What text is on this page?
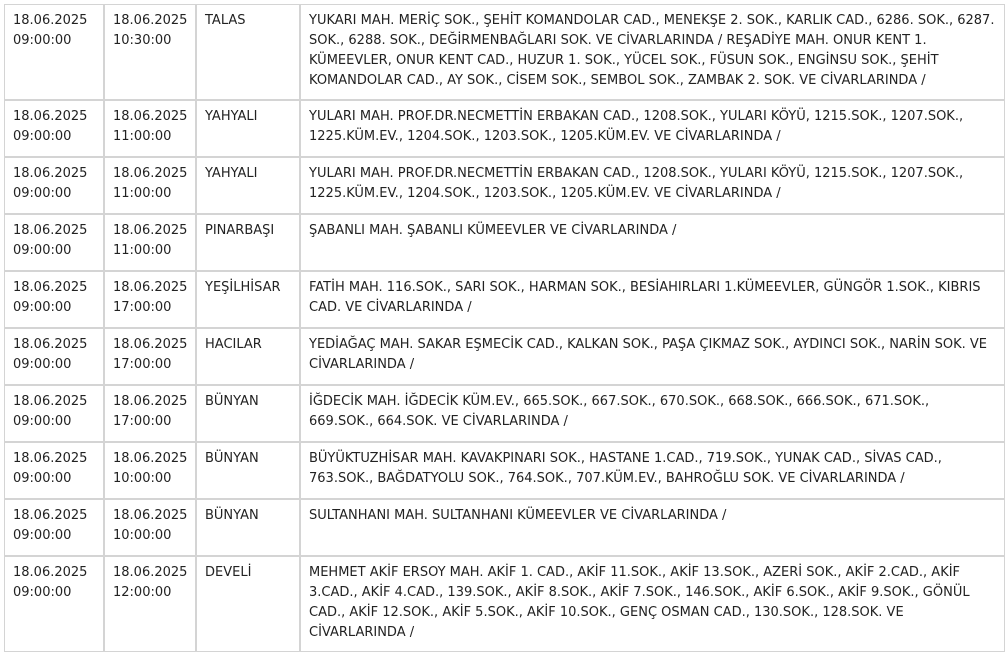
18.06.2025 09:00:00	18.06.2025 10:30:00	TALAS	YUKARI MAH. MERİÇ SOK., ŞEHİT KOMANDOLAR CAD., MENEKŞE 2. SOK., KARLIK CAD., 6286. SOK., 6287. SOK., 6288. SOK., DEĞİRMENBAĞLARI SOK. VE CİVARLARINDA / REŞADİYE MAH. ONUR KENT 1. KÜMEEVLER, ONUR KENT CAD., HUZUR 1. SOK., YÜCEL SOK., FÜSUN SOK., ENGİNSU SOK., ŞEHİT KOMANDOLAR CAD., AY SOK., CİSEM SOK., SEMBOL SOK., ZAMBAK 2. SOK. VE CİVARLARINDA /
18.06.2025 09:00:00	18.06.2025 11:00:00	YAHYALI	YULARI MAH. PROF.DR.NECMETTİN ERBAKAN CAD., 1208.SOK., YULARI KÖYÜ, 1215.SOK., 1207.SOK., 1225.KÜM.EV., 1204.SOK., 1203.SOK., 1205.KÜM.EV. VE CİVARLARINDA /
18.06.2025 09:00:00	18.06.2025 11:00:00	YAHYALI	YULARI MAH. PROF.DR.NECMETTİN ERBAKAN CAD., 1208.SOK., YULARI KÖYÜ, 1215.SOK., 1207.SOK., 1225.KÜM.EV., 1204.SOK., 1203.SOK., 1205.KÜM.EV. VE CİVARLARINDA /
18.06.2025 09:00:00	18.06.2025 11:00:00	PINARBAŞI	ŞABANLI MAH. ŞABANLI KÜMEEVLER VE CİVARLARINDA /
18.06.2025 09:00:00	18.06.2025 17:00:00	YEŞİLHİSAR	FATİH MAH. 116.SOK., SARI SOK., HARMAN SOK., BESİAHIRLARI 1.KÜMEEVLER, GÜNGÖR 1.SOK., KIBRIS CAD. VE CİVARLARINDA /
18.06.2025 09:00:00	18.06.2025 17:00:00	HACILAR	YEDİAĞAÇ MAH. SAKAR EŞMECİK CAD., KALKAN SOK., PAŞA ÇIKMAZ SOK., AYDINCI SOK., NARİN SOK. VE CİVARLARINDA /
18.06.2025 09:00:00	18.06.2025 17:00:00	BÜNYAN	İĞDECİK MAH. İĞDECİK KÜM.EV., 665.SOK., 667.SOK., 670.SOK., 668.SOK., 666.SOK., 671.SOK., 669.SOK., 664.SOK. VE CİVARLARINDA /
18.06.2025 09:00:00	18.06.2025 10:00:00	BÜNYAN	BÜYÜKTUZHİSAR MAH. KAVAKPINARI SOK., HASTANE 1.CAD., 719.SOK., YUNAK CAD., SİVAS CAD., 763.SOK., BAĞDATYOLU SOK., 764.SOK., 707.KÜM.EV., BAHROĞLU SOK. VE CİVARLARINDA /
18.06.2025 09:00:00	18.06.2025 10:00:00	BÜNYAN	SULTANHANI MAH. SULTANHANI KÜMEEVLER VE CİVARLARINDA /
18.06.2025 09:00:00	18.06.2025 12:00:00	DEVELİ	MEHMET AKİF ERSOY MAH. AKİF 1. CAD., AKİF 11.SOK., AKİF 13.SOK., AZERİ SOK., AKİF 2.CAD., AKİF 3.CAD., AKİF 4.CAD., 139.SOK., AKİF 8.SOK., AKİF 7.SOK., 146.SOK., AKİF 6.SOK., AKİF 9.SOK., GÖNÜL CAD., AKİF 12.SOK., AKİF 5.SOK., AKİF 10.SOK., GENÇ OSMAN CAD., 130.SOK., 128.SOK. VE CİVARLARINDA /
